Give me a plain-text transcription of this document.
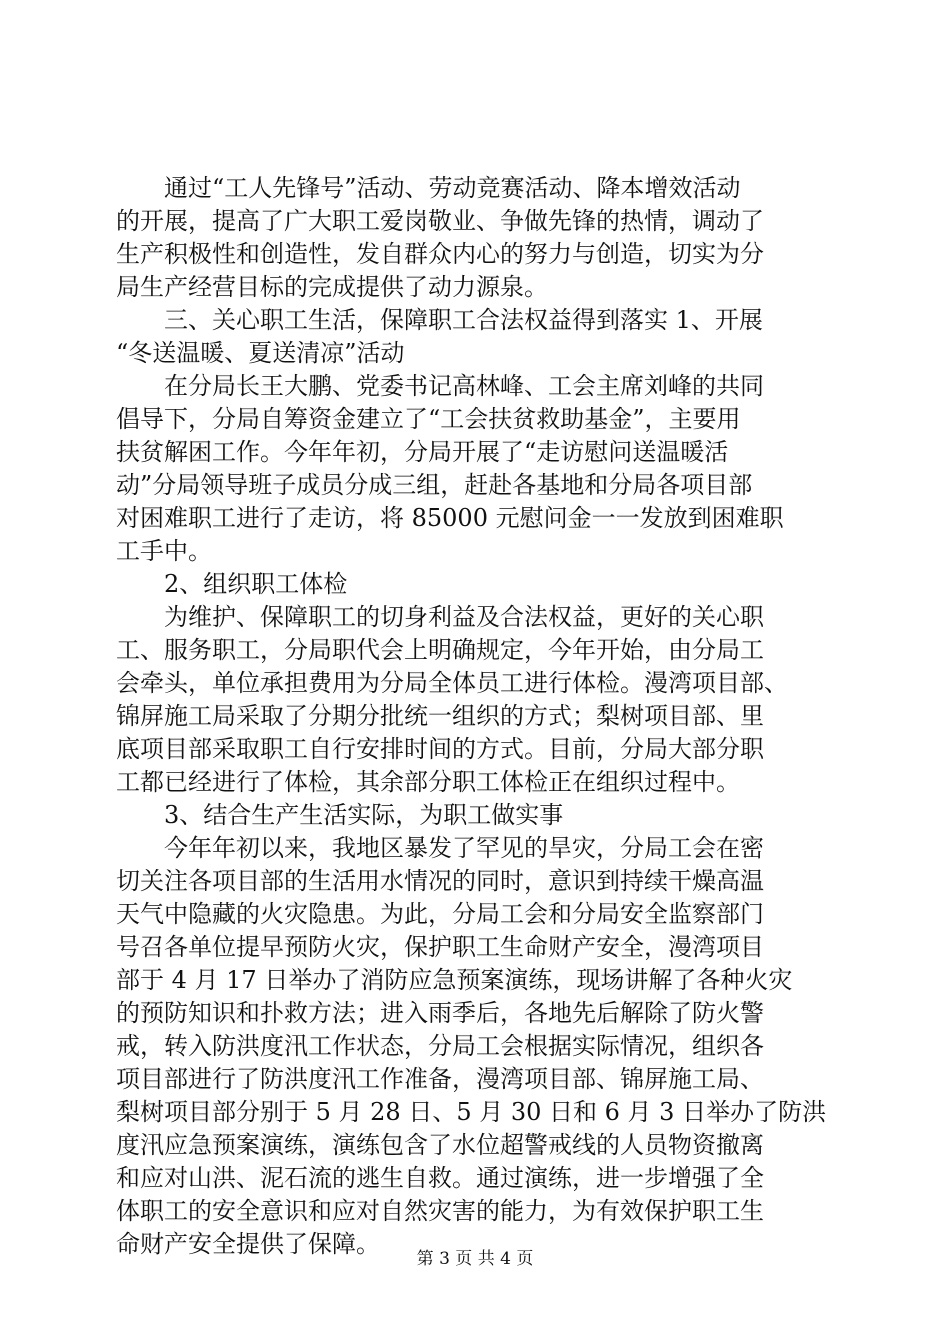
　　通过“工人先锋号”活动、劳动竞赛活动、降本增效活动
的开展，提高了广大职工爱岗敬业、争做先锋的热情，调动了
生产积极性和创造性，发自群众内心的努力与创造，切实为分
局生产经营目标的完成提供了动力源泉。
　　三、关心职工生活，保障职工合法权益得到落实 1、开展
“冬送温暖、夏送清凉”活动
　　在分局长王大鹏、党委书记高林峰、工会主席刘峰的共同
倡导下，分局自筹资金建立了“工会扶贫救助基金”，主要用
扶贫解困工作。今年年初，分局开展了“走访慰问送温暖活
动”分局领导班子成员分成三组，赶赴各基地和分局各项目部
对困难职工进行了走访，将 85000 元慰问金一一发放到困难职
工手中。
　　2、组织职工体检
　　为维护、保障职工的切身利益及合法权益，更好的关心职
工、服务职工，分局职代会上明确规定，今年开始，由分局工
会牵头，单位承担费用为分局全体员工进行体检。漫湾项目部、
锦屏施工局采取了分期分批统一组织的方式；梨树项目部、里
底项目部采取职工自行安排时间的方式。目前，分局大部分职
工都已经进行了体检，其余部分职工体检正在组织过程中。
　　3、结合生产生活实际，为职工做实事
　　今年年初以来，我地区暴发了罕见的旱灾，分局工会在密
切关注各项目部的生活用水情况的同时，意识到持续干燥高温
天气中隐藏的火灾隐患。为此，分局工会和分局安全监察部门
号召各单位提早预防火灾，保护职工生命财产安全，漫湾项目
部于 4 月 17 日举办了消防应急预案演练，现场讲解了各种火灾
的预防知识和扑救方法；进入雨季后，各地先后解除了防火警
戒，转入防洪度汛工作状态，分局工会根据实际情况，组织各
项目部进行了防洪度汛工作准备，漫湾项目部、锦屏施工局、
梨树项目部分别于 5 月 28 日、5 月 30 日和 6 月 3 日举办了防洪
度汛应急预案演练，演练包含了水位超警戒线的人员物资撤离
和应对山洪、泥石流的逃生自救。通过演练，进一步增强了全
体职工的安全意识和应对自然灾害的能力，为有效保护职工生
命财产安全提供了保障。
第 3 页 共 4 页
